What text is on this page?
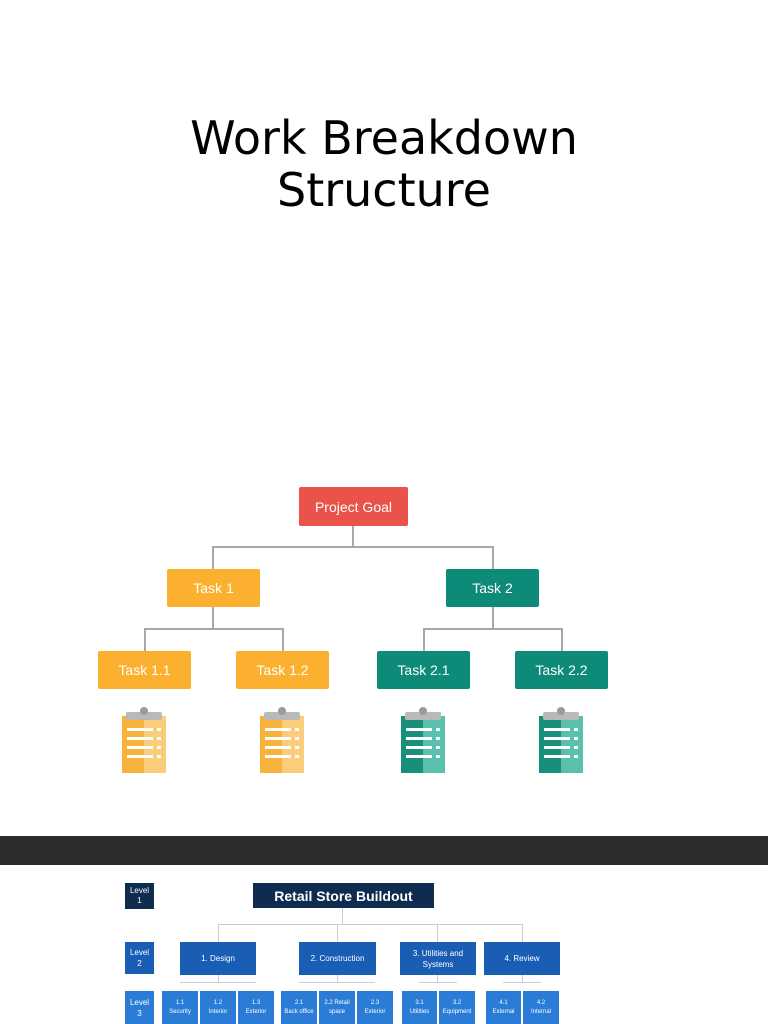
Work Breakdown
Structure
Project Goal
Task 1	Task 2
Task 1.1	Task 1.2	Task 2.1	Task 2.2
Level
1
Level
2
Level
3
Retail Store Buildout
1. Design	2. Construction
3. Utilities and Systems
4. Review
1.1
Security
1.2
Interior
1.3
Exterior
2.1
Back office
2.2 Retail
space
2.3
Exterior
3.1
Utilities
3.2
Equipment
4.1
External
4.2
Internal
